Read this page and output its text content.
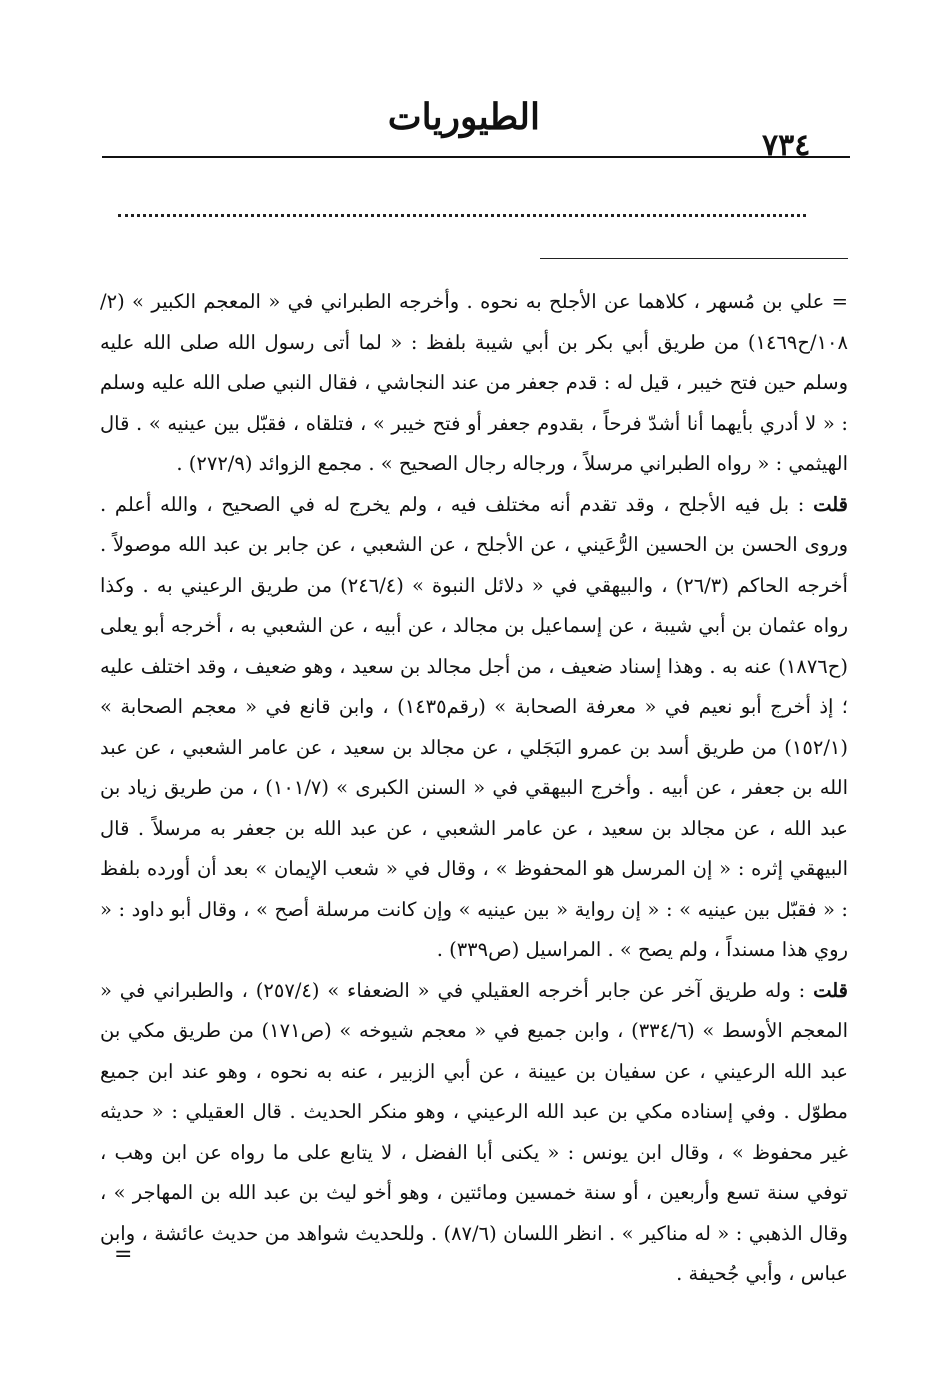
٧٣٤
الطيوريات

= علي بن مُسهر ، كلاهما عن الأجلح به نحوه . وأخرجه الطبراني في « المعجم الكبير » (٢/ ١٠٨/ح١٤٦٩) من طريق أبي بكر بن أبي شيبة بلفظ : « لما أتى رسول الله صلى الله عليه وسلم حين فتح خيبر ، قيل له : قدم جعفر من عند النجاشي ، فقال النبي صلى الله عليه وسلم : « لا أدري بأيهما أنا أشدّ فرحاً ، بقدوم جعفر أو فتح خيبر » ، فتلقاه ، فقبّل بين عينيه » . قال الهيثمي : « رواه الطبراني مرسلاً ، ورجاله رجال الصحيح » . مجمع الزوائد (٢٧٢/٩) .

قلت : بل فيه الأجلح ، وقد تقدم أنه مختلف فيه ، ولم يخرج له في الصحيح ، والله أعلم . وروى الحسن بن الحسين الرُّعَيني ، عن الأجلح ، عن الشعبي ، عن جابر بن عبد الله موصولاً . أخرجه الحاكم (٢٦/٣) ، والبيهقي في « دلائل النبوة » (٢٤٦/٤) من طريق الرعيني به . وكذا رواه عثمان بن أبي شيبة ، عن إسماعيل بن مجالد ، عن أبيه ، عن الشعبي به ، أخرجه أبو يعلى (ح١٨٧٦) عنه به . وهذا إسناد ضعيف ، من أجل مجالد بن سعيد ، وهو ضعيف ، وقد اختلف عليه ؛ إذ أخرج أبو نعيم في « معرفة الصحابة » (رقم١٤٣٥) ، وابن قانع في « معجم الصحابة » (١٥٢/١) من طريق أسد بن عمرو البَجَلي ، عن مجالد بن سعيد ، عن عامر الشعبي ، عن عبد الله بن جعفر ، عن أبيه . وأخرج البيهقي في « السنن الكبرى » (١٠١/٧) ، من طريق زياد بن عبد الله ، عن مجالد بن سعيد ، عن عامر الشعبي ، عن عبد الله بن جعفر به مرسلاً . قال البيهقي إثره : « إن المرسل هو المحفوظ » ، وقال في « شعب الإيمان » بعد أن أورده بلفظ : « فقبّل بين عينيه » : « إن رواية « بين عينيه » وإن كانت مرسلة أصح » ، وقال أبو داود : « روي هذا مسنداً ، ولم يصح » . المراسيل (ص٣٣٩) .

قلت : وله طريق آخر عن جابر أخرجه العقيلي في « الضعفاء » (٢٥٧/٤) ، والطبراني في « المعجم الأوسط » (٣٣٤/٦) ، وابن جميع في « معجم شيوخه » (ص١٧١) من طريق مكي بن عبد الله الرعيني ، عن سفيان بن عيينة ، عن أبي الزبير ، عنه به نحوه ، وهو عند ابن جميع مطوّل . وفي إسناده مكي بن عبد الله الرعيني ، وهو منكر الحديث . قال العقيلي : « حديثه غير محفوظ » ، وقال ابن يونس : « يكنى أبا الفضل ، لا يتابع على ما رواه عن ابن وهب ، توفي سنة تسع وأربعين ، أو سنة خمسين ومائتين ، وهو أخو ليث بن عبد الله بن المهاجر » ، وقال الذهبي : « له مناكير » . انظر اللسان (٨٧/٦) . وللحديث شواهد من حديث عائشة ، وابن عباس ، وأبي جُحيفة .

=
